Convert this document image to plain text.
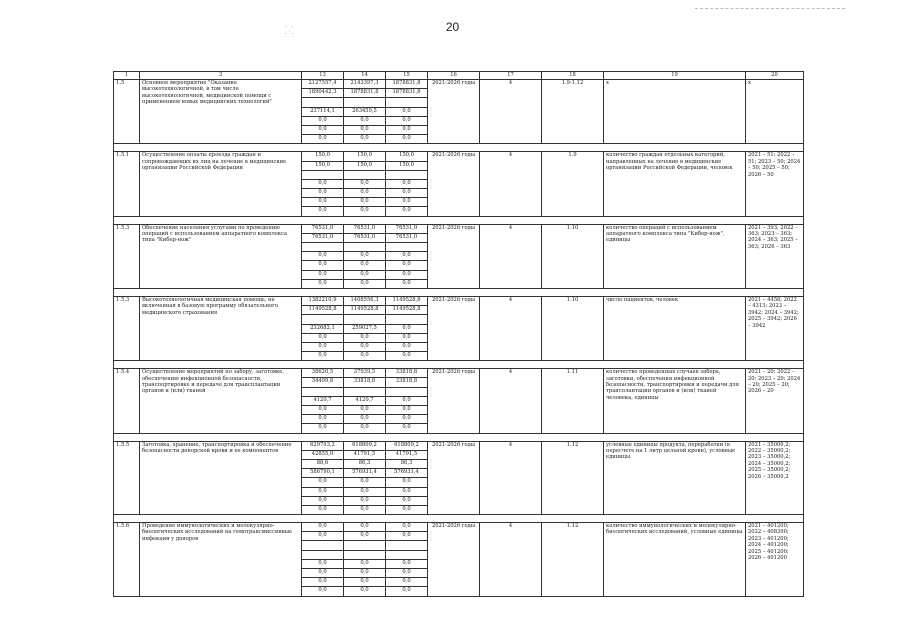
20
· ·
·˙·
1	3	13	14	15	16	17	18	19	20
1.5	Основное мероприятие "Оказание высокотехнологичной, в том числе высокотехнологичной, медицинской помощи с применением новых медицинских технологий"	2127557,4	2143397,3	1878831,8	2021-2026 годы	4	1.9-1.12	x	x
		1890442,3	1878831,8	1878831,8					

		237114,1	263459,5	0,0					
		0,0	0,0	0,0					
		0,0	0,0	0,0					
		0,0	0,0	0,0					

1.5.1	Осуществление оплаты проезда граждан и сопровождающих их лиц на лечение в медицинские организации Российской Федерации	150,0	150,0	150,0	2021-2026 годы	4	1.9	количество граждан отдельных категорий, направленных на лечение в медицинские организации Российской Федерации, человек	2021 – 51; 2022 – 51; 2023 – 50; 2024 – 50; 2025 – 50; 2026 – 50
		150,0	150,0	150,0					

		0,0	0,0	0,0					
		0,0	0,0	0,0					
		0,0	0,0	0,0					
		0,0	0,0	0,0					

1.5.3	Обеспечение населения услугами по проведению операций с использованием аппаратного комплекса типа "Кибер-нож"	76531,0	76531,0	76531,0	2021-2026 годы	4	1.10	количество операций с использованием аппаратного комплекса типа "Кибер-нож", единицы	2021 – 393; 2022 – 363; 2023 – 363; 2024 – 363; 2025 – 363; 2026 – 363
		76531,0	76531,0	76531,0					

		0,0	0,0	0,0					
		0,0	0,0	0,0					
		0,0	0,0	0,0					
		0,0	0,0	0,0					

1.5.3	Высокотехнологичная медицинская помощь, не включенная в базовую программу обязательного медицинского страхования	1382210,9	1408556,3	1149528,8	2021-2026 годы	4	1.10	число пациентов, человек	2021 – 4458; 2022 – 4313; 2023 – 3942; 2024 – 3942; 2025 – 3942; 2026 – 3942
		1149528,8	1149528,8	1149528,8					

		232682,1	259027,5	0,0					
		0,0	0,0	0,0					
		0,0	0,0	0,0					
		0,0	0,0	0,0					

1.5.4	Осуществление мероприятий по забору, заготовке, обеспечению инфекционной безопасности, транспортировке и передаче для трансплантации органов и (или) тканей	38620,5	37939,5	33818,8	2021-2026 годы	4	1.11	количество проведенных случаев забора, заготовки, обеспечения инфекционной безопасности, транспортировки и передачи для трансплантации органов и (или) тканей человека, единицы	2021 – 20; 2022 – 20; 2023 – 20; 2024 – 20; 2025 – 20; 2026 – 20
		34499,8	33818,8	33818,8					

		4120,7	4120,7	0,0					
		0,0	0,0	0,0					
		0,0	0,0	0,0					
		0,0	0,0	0,0					

1.5.5	Заготовка, хранение, транспортировка и обеспечение безопасности донорской крови и ее компонентов	629793,2	618809,2	618809,2	2021-2026 годы	4	1.12	условные единицы продукта, переработки (в пересчете на 1 литр цельной крови), условные единицы	2021 – 35000,2; 2022 – 35000,2; 2023 – 35000,2; 2024 – 35000,2; 2025 – 35000,2; 2026 – 35000,2
		42855,0	41791,5	41791,5					
		88,6	86,3	86,3					
		586790,1	576931,4	576931,4					
		0,0	0,0	0,0					
		0,0	0,0	0,0					
		0,0	0,0	0,0					
		0,0	0,0	0,0					

1.5.6	Проведение иммунологических и молекулярно-биологических исследований на гемотрансмиссивные инфекции у доноров	0,0	0,0	0,0	2021-2026 годы	4	1.12	количество иммунологических и молекулярно-биологических исследований, условные единицы	2021 – 401200; 2022 – 408390; 2023 – 401200; 2024 – 401200; 2025 – 401200; 2026 – 401200
		0,0	0,0	0,0					

		0,0	0,0	0,0					
		0,0	0,0	0,0					
		0,0	0,0	0,0					
		0,0	0,0	0,0					
